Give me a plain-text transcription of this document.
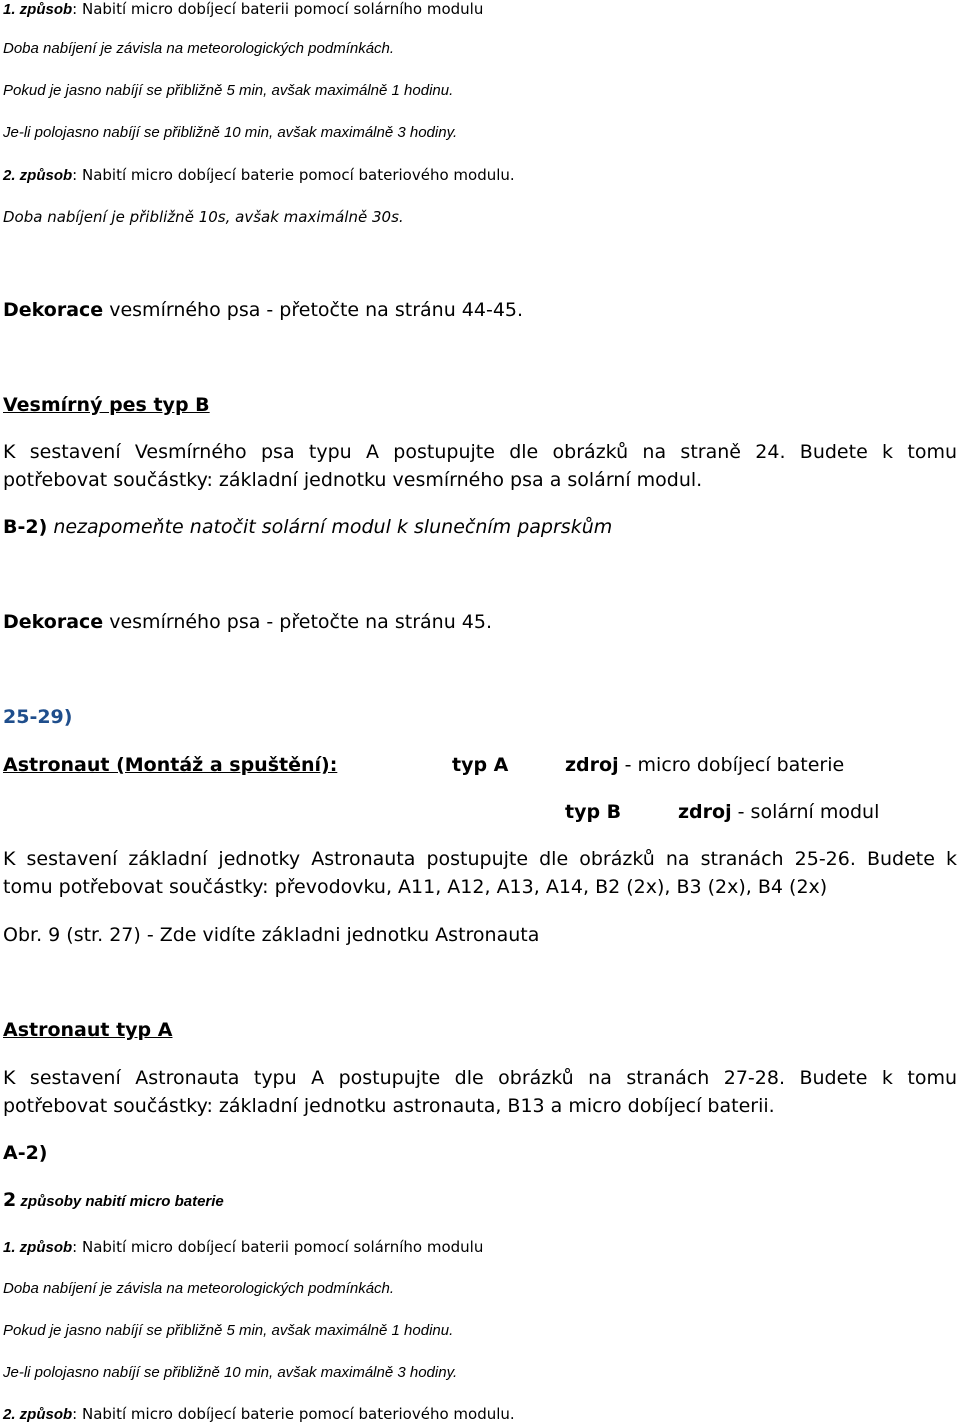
1. způsob: Nabití micro dobíjecí baterii pomocí solárního modulu
Doba nabíjení je závisla na meteorologických podmínkách.
Pokud je jasno nabíjí se přibližně 5 min, avšak maximálně 1 hodinu.
Je-li polojasno nabíjí se přibližně 10 min, avšak maximálně 3 hodiny.
2. způsob: Nabití micro dobíjecí baterie pomocí bateriového modulu.
Doba nabíjení je přibližně 10s, avšak maximálně 30s.
Dekorace vesmírného psa - přetočte na stránu 44-45.
Vesmírný pes typ B
K sestavení Vesmírného psa typu A postupujte dle obrázků na straně 24. Budete k tomu
potřebovat součástky: základní jednotku vesmírného psa a solární modul.
B-2) nezapomeňte natočit solární modul k slunečním paprskům
Dekorace vesmírného psa - přetočte na stránu 45.
25-29)
Astronaut (Montáž a spuštění):	typ A	zdroj - micro dobíjecí baterie
typ B	zdroj - solární modul
K sestavení základní jednotky Astronauta postupujte dle obrázků na stranách 25-26. Budete k
tomu potřebovat součástky: převodovku, A11, A12, A13, A14, B2 (2x), B3 (2x), B4 (2x)
Obr. 9 (str. 27) - Zde vidíte základni jednotku Astronauta
Astronaut typ A
K sestavení Astronauta typu A postupujte dle obrázků na stranách 27-28. Budete k tomu
potřebovat součástky: základní jednotku astronauta, B13 a micro dobíjecí baterii.
A-2)
2 způsoby nabití micro baterie
1. způsob: Nabití micro dobíjecí baterii pomocí solárního modulu
Doba nabíjení je závisla na meteorologických podmínkách.
Pokud je jasno nabíjí se přibližně 5 min, avšak maximálně 1 hodinu.
Je-li polojasno nabíjí se přibližně 10 min, avšak maximálně 3 hodiny.
2. způsob: Nabití micro dobíjecí baterie pomocí bateriového modulu.
